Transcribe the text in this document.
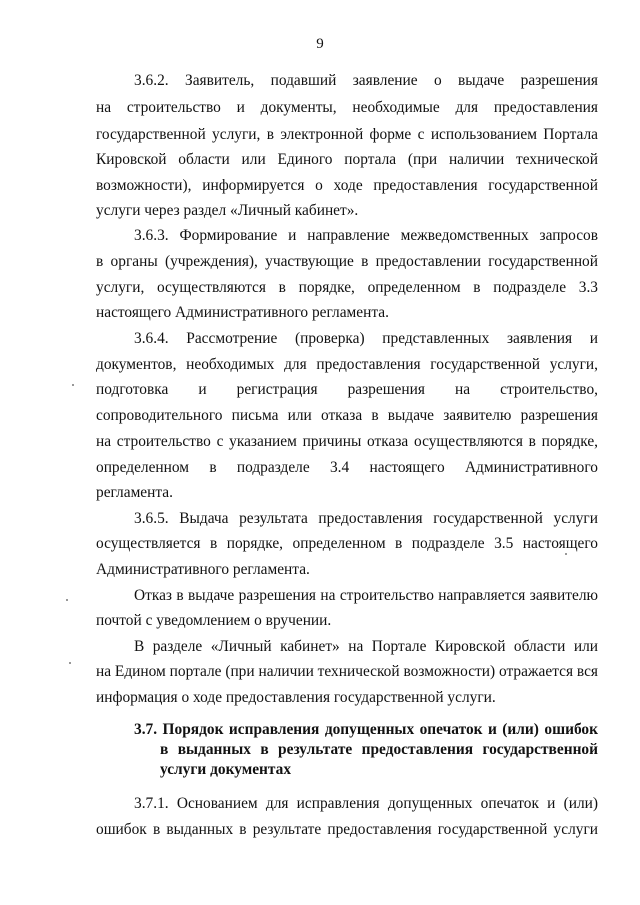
9
3.6.2. Заявитель, подавший заявление о выдаче разрешения
на строительство и документы, необходимые для предоставления
государственной услуги, в электронной форме с использованием Портала
Кировской области или Единого портала (при наличии технической
возможности), информируется о ходе предоставления государственной
услуги через раздел «Личный кабинет».
3.6.3. Формирование и направление межведомственных запросов
в органы (учреждения), участвующие в предоставлении государственной
услуги, осуществляются в порядке, определенном в подразделе 3.3
настоящего Административного регламента.
3.6.4. Рассмотрение (проверка) представленных заявления и
документов, необходимых для предоставления государственной услуги,
подготовка и регистрация разрешения на строительство,
сопроводительного письма или отказа в выдаче заявителю разрешения
на строительство с указанием причины отказа осуществляются в порядке,
определенном в подразделе 3.4 настоящего Административного
регламента.
3.6.5. Выдача результата предоставления государственной услуги
осуществляется в порядке, определенном в подразделе 3.5 настоящего
Административного регламента.
Отказ в выдаче разрешения на строительство направляется заявителю
почтой с уведомлением о вручении.
В разделе «Личный кабинет» на Портале Кировской области или
на Едином портале (при наличии технической возможности) отражается вся
информация о ходе предоставления государственной услуги.
3.7. Порядок исправления допущенных опечаток и (или) ошибок
в выданных в результате предоставления государственной
услуги документах
3.7.1. Основанием для исправления допущенных опечаток и (или)
ошибок в выданных в результате предоставления государственной услуги
